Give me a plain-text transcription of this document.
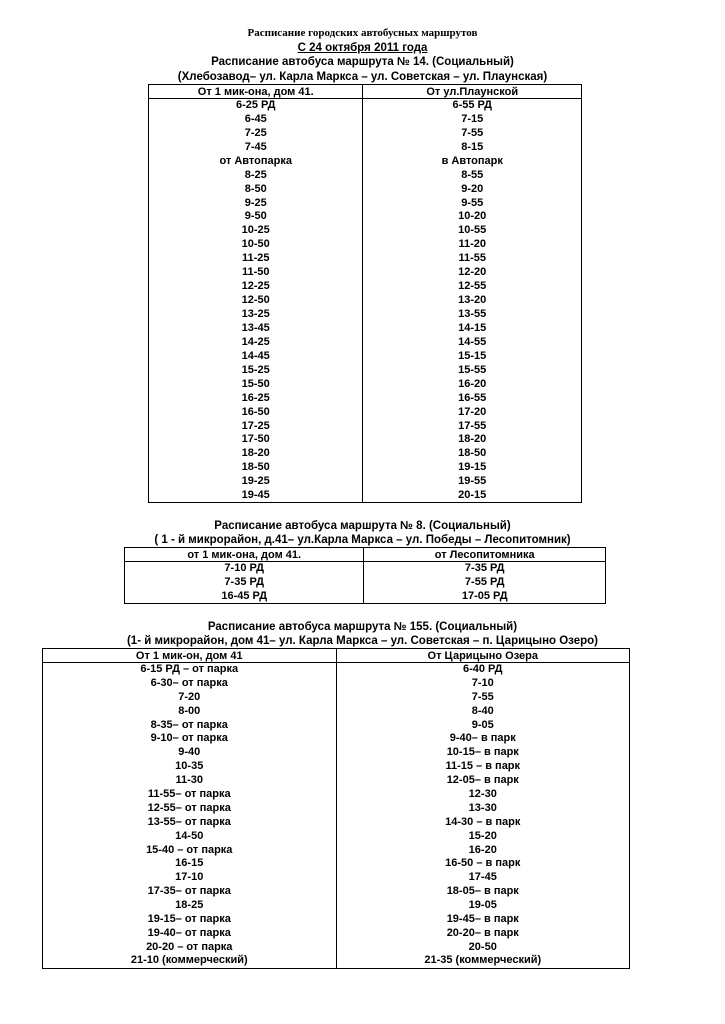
Расписание городских автобусных маршрутов
С 24 октября 2011 года
Расписание автобуса маршрута № 14. (Социальный)
(Хлебозавод– ул. Карла Маркса – ул. Советская – ул. Плаунская)
От 1 мик-она, дом 41.	От ул.Плаунской
6-25 РД	6-55 РД
6-45	7-15
7-25	7-55
7-45	8-15
от Автопарка	в Автопарк
8-25	8-55
8-50	9-20
9-25	9-55
9-50	10-20
10-25	10-55
10-50	11-20
11-25	11-55
11-50	12-20
12-25	12-55
12-50	13-20
13-25	13-55
13-45	14-15
14-25	14-55
14-45	15-15
15-25	15-55
15-50	16-20
16-25	16-55
16-50	17-20
17-25	17-55
17-50	18-20
18-20	18-50
18-50	19-15
19-25	19-55
19-45	20-15
Расписание автобуса маршрута № 8. (Социальный)
( 1 - й микрорайон, д.41– ул.Карла Маркса – ул. Победы – Лесопитомник)
от 1 мик-она, дом 41.	от Лесопитомника
7-10 РД	7-35 РД
7-35 РД	7-55 РД
16-45 РД	17-05 РД
Расписание автобуса маршрута № 155. (Социальный)
(1- й микрорайон, дом 41– ул. Карла Маркса – ул. Советская – п. Царицыно Озеро)
От 1 мик-он, дом 41	От Царицыно Озера
6-15 РД – от парка	6-40 РД
6-30– от парка	7-10
7-20	7-55
8-00	8-40
8-35– от парка	9-05
9-10– от парка	9-40– в парк
9-40	10-15– в парк
10-35	11-15 – в парк
11-30	12-05– в парк
11-55– от парка	12-30
12-55– от парка	13-30
13-55– от парка	14-30 – в парк
14-50	15-20
15-40 – от парка	16-20
16-15	16-50 – в парк
17-10	17-45
17-35– от парка	18-05– в парк
18-25	19-05
19-15– от парка	19-45– в парк
19-40– от парка	20-20– в парк
20-20 – от парка	20-50
21-10 (коммерческий)	21-35 (коммерческий)
